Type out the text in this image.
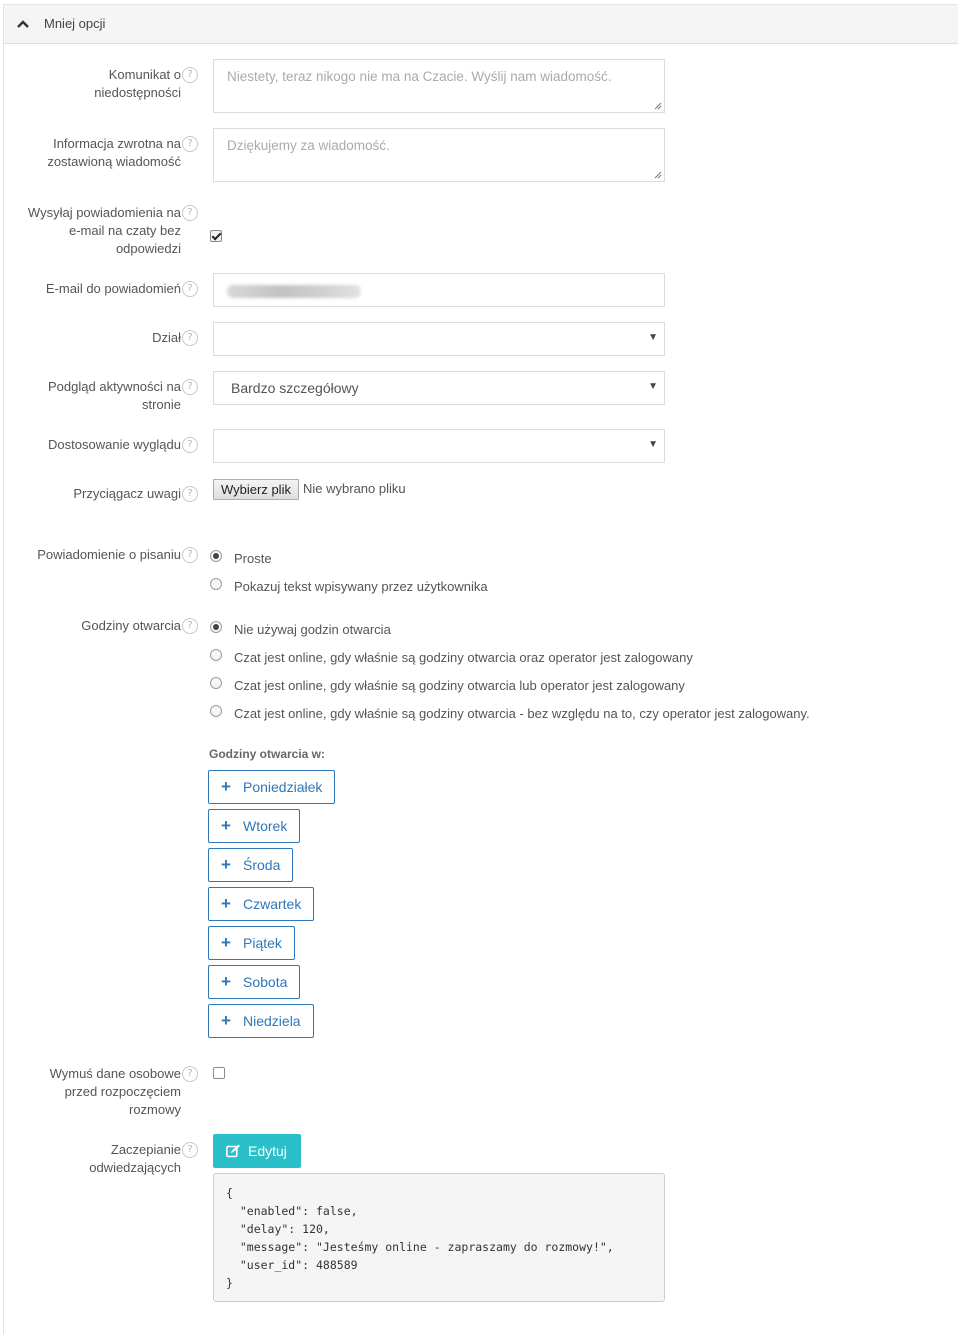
Mniej opcji
Komunikat o
niedostępności
?	Niestety, teraz nikogo nie ma na Czacie. Wyślij nam wiadomość.
Informacja zwrotna na
zostawioną wiadomość
?	Dziękujemy za wiadomość.
Wysyłaj powiadomienia na
e-mail na czaty bez
odpowiedzi
?
E-mail do powiadomień ?
Dział ?	▼
Podgląd aktywności na
stronie
?	Bardzo szczegółowy	▼
Dostosowanie wyglądu ?	▼
Przyciągacz uwagi ?	Wybierz plik Nie wybrano pliku
Powiadomienie o pisaniu ?	Proste
Pokazuj tekst wpisywany przez użytkownika
Godziny otwarcia ?	Nie używaj godzin otwarcia
Czat jest online, gdy właśnie są godziny otwarcia oraz operator jest zalogowany
Czat jest online, gdy właśnie są godziny otwarcia lub operator jest zalogowany
Czat jest online, gdy właśnie są godziny otwarcia - bez względu na to, czy operator jest zalogowany.
Godziny otwarcia w:
+ Poniedziałek
+ Wtorek
+ Środa
+ Czwartek
+ Piątek
+ Sobota
+ Niedziela
Wymuś dane osobowe
przed rozpoczęciem
rozmowy
?
Zaczepianie
odwiedzających
?	Edytuj
{
"enabled": false,
"delay": 120,
"message": "Jesteśmy online - zapraszamy do rozmowy!",
"user_id": 488589
}
